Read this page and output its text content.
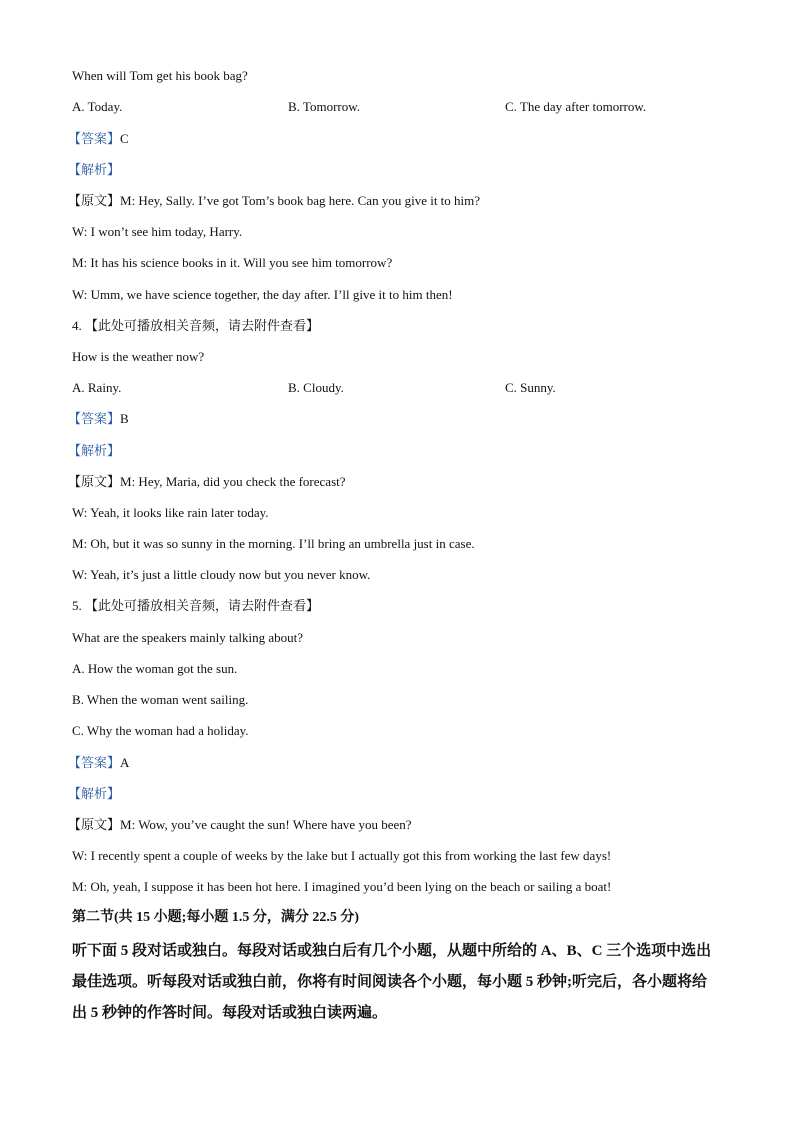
When will Tom get his book bag?
A. Today.	B. Tomorrow.	C. The day after tomorrow.
【答案】C
【解析】
【原文】M: Hey, Sally. I’ve got Tom’s book bag here. Can you give it to him?
W: I won’t see him today, Harry.
M: It has his science books in it. Will you see him tomorrow?
W: Umm, we have science together, the day after. I’ll give it to him then!
4. 【此处可播放相关音频，请去附件查看】
How is the weather now?
A. Rainy.	B. Cloudy.	C. Sunny.
【答案】B
【解析】
【原文】M: Hey, Maria, did you check the forecast?
W: Yeah, it looks like rain later today.
M: Oh, but it was so sunny in the morning. I’ll bring an umbrella just in case.
W: Yeah, it’s just a little cloudy now but you never know.
5. 【此处可播放相关音频，请去附件查看】
What are the speakers mainly talking about?
A. How the woman got the sun.
B. When the woman went sailing.
C. Why the woman had a holiday.
【答案】A
【解析】
【原文】M: Wow, you’ve caught the sun! Where have you been?
W: I recently spent a couple of weeks by the lake but I actually got this from working the last few days!
M: Oh, yeah, I suppose it has been hot here. I imagined you’d been lying on the beach or sailing a boat!
第二节(共 15 小题;每小题 1.5 分，满分 22.5 分)
听下面 5 段对话或独白。每段对话或独白后有几个小题，从题中所给的 A、B、C 三个选项中选出最佳选项。听每段对话或独白前，你将有时间阅读各个小题，每小题 5 秒钟;听完后，各小题将给出 5 秒钟的作答时间。每段对话或独白读两遍。
